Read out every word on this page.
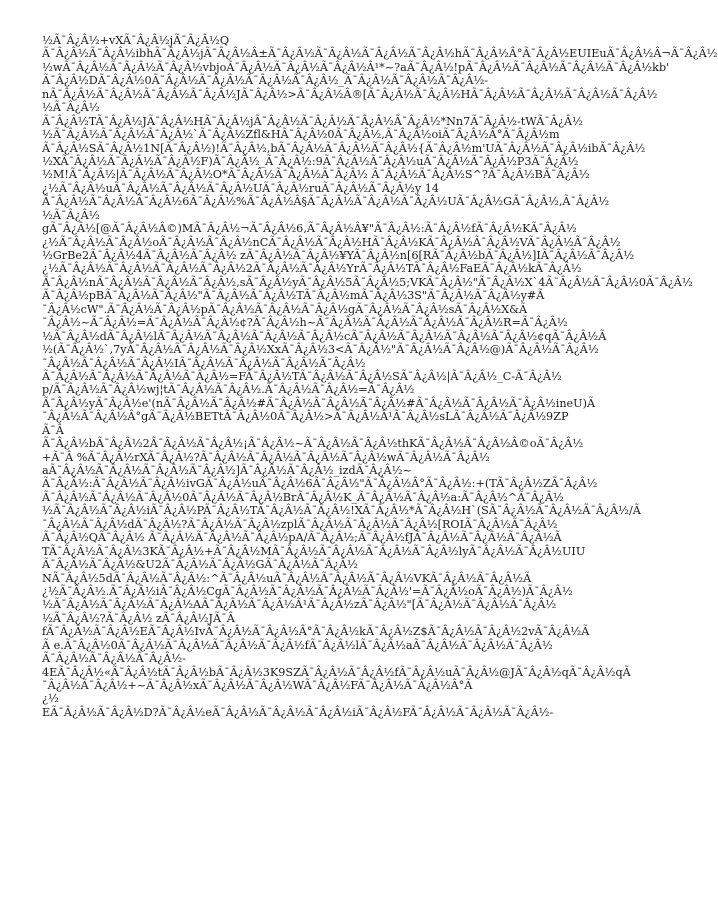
½Ã¯Â¿Â½+vXÃ¯Â¿Â½jÃ¯Â¿Â½Q
Ã¯Â¿Â½Ã¯Â¿Â½ibhÃ¯Â¿Â½jÃ¯Â¿Â½Â±Ã¯Â¿Â½Ã¯Â¿Â½Ã¯Â¿Â½Ã¯Â¿Â½hÃ¯Â¿Â½Â°Ã¯Â¿Â½EUIEuÃ¯Â¿Â½Â¬Ã¯Â¿Â½
½wÃ¯Â¿Â½Ã¯Â¿Â½Ã¯Â¿Â½vbjoÃ¯Â¿Â½Ã¯Â¿Â½Ã¯Â¿Â½Â¹*~?aÃ¯Â¿Â½!pÃ¯Â¿Â½Ã¯Â¿Â½Ã¯Â¿Â½Ã¯Â¿Â½kb'
Ã¯Â¿Â½DÃ¯Â¿Â½0Ã¯Â¿Â½Ã¯Â¿Â½Ã¯Â¿Â½Ã¯Â¿Â½_Ã¯Â¿Â½Ã¯Â¿Â½Ã¯Â¿Â½-
nÃ¯Â¿Â½Ã¯Â¿Â½Ã¯Â¿Â½Ã¯Â¿Â½JÃ¯Â¿Â½>Ã¯Â¿Â½Â®[Ã¯Â¿Â½Ã¯Â¿Â½HÃ¯Â¿Â½Ã¯Â¿Â½Ã¯Â¿Â½Ã¯Â¿Â½
½Ã¯Â¿Â½
Ã¯Â¿Â½TÃ¯Â¿Â½JÃ¯Â¿Â½HÃ¯Â¿Â½jÃ¯Â¿Â½Ã¯Â¿Â½Ã¯Â¿Â½Ã¯Â¿Â½*Nn7Ã¯Â¿Â½-tWÃ¯Â¿Â½
½Ã¯Â¿Â½Ã¯Â¿Â½Ã¯Â¿Â½`Ã¯Â¿Â½Zfl&HÃ¯Â¿Â½0Ã¯Â¿Â½,Ã¯Â¿Â½oiÃ¯Â¿Â½Â°Ã¯Â¿Â½m
Ã¯Â¿Â½SÃ¯Â¿Â½1N[Ã¯Â¿Â½)!Ã¯Â¿Â½,bÃ¯Â¿Â½Ã¯Â¿Â½Ã¯Â¿Â½{Ã¯Â¿Â½m'UÃ¯Â¿Â½Ã¯Â¿Â½ibÃ¯Â¿Â½
½XÃ¯Â¿Â½Ã¯Â¿Â½Ã¯Â¿Â½F)Ã¯Â¿Â½_Ã¯Â¿Â½:9Ã¯Â¿Â½Ã¯Â¿Â½uÃ¯Â¿Â½Ã¯Â¿Â½P3Ã¯Â¿Â½
½M!Ã¯Â¿Â½|Ã¯Â¿Â½Ã¯Â¿Â½O*Ã¯Â¿Â½Ã¯Â¿Â½Ã¯Â¿Â½ Ã¯Â¿Â½Ã¯Â¿Â½S^?Ã¯Â¿Â½BÃ¯Â¿Â½
¿½Ã¯Â¿Â½uÃ¯Â¿Â½Ã¯Â¿Â½Ã¯Â¿Â½UÃ¯Â¿Â½ruÃ¯Â¿Â½Ã¯Â¿Â½y 14
Ã¯Â¿Â½Ã¯Â¿Â½Ã¯Â¿Â½6Ã¯Â¿Â½%Ã¯Â¿Â½Â§Ã¯Â¿Â½Ã¯Â¿Â½Ã¯Â¿Â½UÃ¯Â¿Â½GÃ¯Â¿Â½,Ã¯Â¿Â½
½Ã¯Â¿Â½
gÃ¯Â¿Â½[@Ã¯Â¿Â½Â©)MÃ¯Â¿Â½¬Ã¯Â¿Â½6,Ã¯Â¿Â½Â¥"Ã¯Â¿Â½:Ã¯Â¿Â½fÃ¯Â¿Â½KÃ¯Â¿Â½
¿½Ã¯Â¿Â½Ã¯Â¿Â½oÃ¯Â¿Â½Ã¯Â¿Â½nCÃ¯Â¿Â½Ã¯Â¿Â½HÃ¯Â¿Â½KÃ¯Â¿Â½Ã¯Â¿Â½VÃ¯Â¿Â½Ã¯Â¿Â½
½GrBe2Ã¯Â¿Â½4Ã¯Â¿Â½Ã¯Â¿Â½ zÃ¯Â¿Â½Ã¯Â¿Â½¥YÃ¯Â¿Â½n[6[RÃ¯Â¿Â½bÃ¯Â¿Â½]IÃ¯Â¿Â½Ã¯Â¿Â½
¿½Ã¯Â¿Â½Ã¯Â¿Â½Ã¯Â¿Â½Ã¯Â¿Â½2Ã¯Â¿Â½Ã¯Â¿Â½YrÃ¯Â¿Â½TÃ¯Â¿Â½FaEÃ¯Â¿Â½kÃ¯Â¿Â½
Ã¯Â¿Â½nÃ¯Â¿Â½Ã¯Â¿Â½Ã¯Â¿Â½,sÃ¯Â¿Â½yÃ¯Â¿Â½5Ã¯Â¿Â½5;VKÃ¯Â¿Â½"Ã¯Â¿Â½X`4Ã¯Â¿Â½Ã¯Â¿Â½0Ã¯Â¿Â½
Ã¯Â¿Â½pBÃ¯Â¿Â½Ã¯Â¿Â½"Ã¯Â¿Â½Ã¯Â¿Â½TÃ¯Â¿Â½mÃ¯Â¿Â½3S"Ã¯Â¿Â½Ã¯Â¿Â½y#Ã
¯Â¿Â½cW".Ã¯Â¿Â½Ã¯Â¿Â½pÃ¯Â¿Â½Ã¯Â¿Â½Ã¯Â¿Â½gÃ¯Â¿Â½Ã¯Â¿Â½sÃ¯Â¿Â½X&Ã
¯Â¿Â½~Ã¯Â¿Â½=Ã¯Â¿Â½Ã¯Â¿Â½¢?Ã¯Â¿Â½h~Ã¯Â¿Â½Ã¯Â¿Â½Ã¯Â¿Â½Ã¯Â¿Â½R=Ã¯Â¿Â½
½Ã¯Â¿Â½dÃ¯Â¿Â½lÃ¯Â¿Â½Ã¯Â¿Â½Ã¯Â¿Â½Ã¯Â¿Â½cÃ¯Â¿Â½Ã¯Â¿Â½Ã¯Â¿Â½Ã¯Â¿Â½¢qÃ¯Â¿Â½Ã
½(Ã¯Â¿Â½`,7yÃ¯Â¿Â½Ã¯Â¿Â½Ã¯Â¿Â½XxÃ¯Â¿Â½3<Ã¯Â¿Â½"Ã¯Â¿Â½Ã¯Â¿Â½@)Ã¯Â¿Â½Ã¯Â¿Â½
¯Â¿Â½Ã¯Â¿Â½Ã¯Â¿Â½IÃ¯Â¿Â½Ã¯Â¿Â½Ã¯Â¿Â½Ã¯Â¿Â½
Ã¯Â¿Â½Ã¯Â¿Â½Ã¯Â¿Â½Ã¯Â¿Â½=FÃ¯Â¿Â½TÃ¯Â¿Â½Ã¯Â¿Â½SÃ¯Â¿Â½|Ã¯Â¿Â½_C-Ã¯Â¿Â½
p/Ã¯Â¿Â½Ã¯Â¿Â½wj¦tÃ¯Â¿Â½Ã¯Â¿Â½.Ã¯Â¿Â½Ã¯Â¿Â½=Ã¯Â¿Â½
Ã¯Â¿Â½yÃ¯Â¿Â½e'(nÃ¯Â¿Â½Ã¯Â¿Â½#Ã¯Â¿Â½Ã¯Â¿Â½Ã¯Â¿Â½#Ã¯Â¿Â½Ã¯Â¿Â½Ã¯Â¿Â½ineU)Ã
¯Â¿Â½Ã¯Â¿Â½Â°gÃ¯Â¿Â½BETtÃ¯Â¿Â½0Ã¯Â¿Â½>Ã¯Â¿Â½Â¹Ã¯Â¿Â½sLÃ¯Â¿Â½Ã¯Â¿Â½9ZP
Ã¯Â
Ã¯Â¿Â½bÃ¯Â¿Â½2Ã¯Â¿Â½Ã¯Â¿Â½¡Ã¯Â¿Â½~Ã¯Â¿Â½Ã¯Â¿Â½thKÃ¯Â¿Â½Ã¯Â¿Â½Â©oÃ¯Â¿Â½
+Ã¯Â %Ã¯Â¿Â½rXÃ¯Â¿Â½?Ã¯Â¿Â½Ã¯Â¿Â½Ã¯Â¿Â½Ã¯Â¿Â½wÃ¯Â¿Â½Ã¯Â¿Â½
aÃ¯Â¿Â½Ã¯Â¿Â½Ã¯Â¿Â½Ã¯Â¿Â½]Ã¯Â¿Â½Ã¯Â¿Â½_izdÃ¯Â¿Â½~
Ã¯Â¿Â½:Ã¯Â¿Â½Ã¯Â¿Â½ivGÃ¯Â¿Â½uÃ¯Â¿Â½6Ã¯Â¿Â½"Ã¯Â¿Â½Â°Ã¯Â¿Â½:+(TÃ¯Â¿Â½ZÃ¯Â¿Â½
Ã¯Â¿Â½Ã¯Â¿Â½Ã¯Â¿Â½0Ã¯Â¿Â½Ã¯Â¿Â½BrÃ¯Â¿Â½K_Ã¯Â¿Â½Ã¯Â¿Â½a:Ã¯Â¿Â½^Ã¯Â¿Â½
½Ã¯Â¿Â½Ã¯Â¿Â½iÃ¯Â¿Â½PÃ¯Â¿Â½TÃ¯Â¿Â½Ã¯Â¿Â½!XÃ¯Â¿Â½*Ã¯Â¿Â½H`(SÃ¯Â¿Â½Ã¯Â¿Â½Ã¯Â¿Â½/Ã
¯Â¿Â½Ã¯Â¿Â½dÃ¯Â¿Â½?Ã¯Â¿Â½Ã¯Â¿Â½zplÃ¯Â¿Â½Ã¯Â¿Â½Ã¯Â¿Â½[ROIÃ¯Â¿Â½Ã¯Â¿Â½
Ã¯Â¿Â½QÃ¯Â¿Â½ Ã¯Â¿Â½Ã¯Â¿Â½Ã¯Â¿Â½pA/Ã¯Â¿Â½;Ã¯Â¿Â½fJÃ¯Â¿Â½Ã¯Â¿Â½Ã¯Â¿Â½Ã
TÃ¯Â¿Â½Ã¯Â¿Â½3KÃ¯Â¿Â½+Ã¯Â¿Â½MÃ¯Â¿Â½Ã¯Â¿Â½Ã¯Â¿Â½Ã¯Â¿Â½lyÃ¯Â¿Â½Ã¯Â¿Â½UIU
Ã¯Â¿Â½Ã¯Â¿Â½&U2Ã¯Â¿Â½Ã¯Â¿Â½GÃ¯Â¿Â½Ã¯Â¿Â½
NÃ¯Â¿Â½5dÃ¯Â¿Â½Ã¯Â¿Â½:^Ã¯Â¿Â½uÃ¯Â¿Â½Ã¯Â¿Â½Ã¯Â¿Â½VKÃ¯Â¿Â½Ã¯Â¿Â½Ã
¿½Ã¯Â¿Â½.Ã¯Â¿Â½iÃ¯Â¿Â½CgÃ¯Â¿Â½Ã¯Â¿Â½Ã¯Â¿Â½Ã¯Â¿Â½'=Ã¯Â¿Â½oÃ¯Â¿Â½)Ã¯Â¿Â½
½Ã¯Â¿Â½Ã¯Â¿Â½Ã¯Â¿Â½AÃ¯Â¿Â½Ã¯Â¿Â½Â¹Ã¯Â¿Â½zÃ¯Â¿Â½"[Ã¯Â¿Â½Ã¯Â¿Â½Ã¯Â¿Â½
½Ã¯Â¿Â½?Ã¯Â¿Â½ zÃ¯Â¿Â½JÃ¯Â
fÃ¯Â¿Â½Ã¯Â¿Â½EÃ¯Â¿Â½IvÃ¯Â¿Â½Ã¯Â¿Â½Â°Ã¯Â¿Â½kÃ¯Â¿Â½Z$Ã¯Â¿Â½Ã¯Â¿Â½2vÃ¯Â¿Â½Ã
Ã e.Ã¯Â¿Â½0Ã¯Â¿Â½Ã¯Â¿Â½Ã¯Â¿Â½Ã¯Â¿Â½fÃ¯Â¿Â½lÃ¯Â¿Â½aÃ¯Â¿Â½Ã¯Â¿Â½Ã¯Â¿Â½
Ã¯Â¿Â½Ã¯Â¿Â½Ã¯Â¿Â½-
4EÃ¯Â¿Â½«Ã¯Â¿Â½tÃ¯Â¿Â½bÃ¯Â¿Â½3K9SZÃ¯Â¿Â½Ã¯Â¿Â½fÃ¯Â¿Â½uÃ¯Â¿Â½@JÃ¯Â¿Â½qÃ¯Â¿Â½qÃ
¯Â¿Â½Ã¯Â¿Â½+~Ã¯Â¿Â½xÃ¯Â¿Â½Ã¯Â¿Â½WÃ¯Â¿Â½FÃ¯Â¿Â½Ã¯Â¿Â½Â°Ã
¿½
EÃ¯Â¿Â½Ã¯Â¿Â½D?Ã¯Â¿Â½eÃ¯Â¿Â½Ã¯Â¿Â½Ã¯Â¿Â½iÃ¯Â¿Â½FÃ¯Â¿Â½Ã¯Â¿Â½Ã¯Â¿Â½-
